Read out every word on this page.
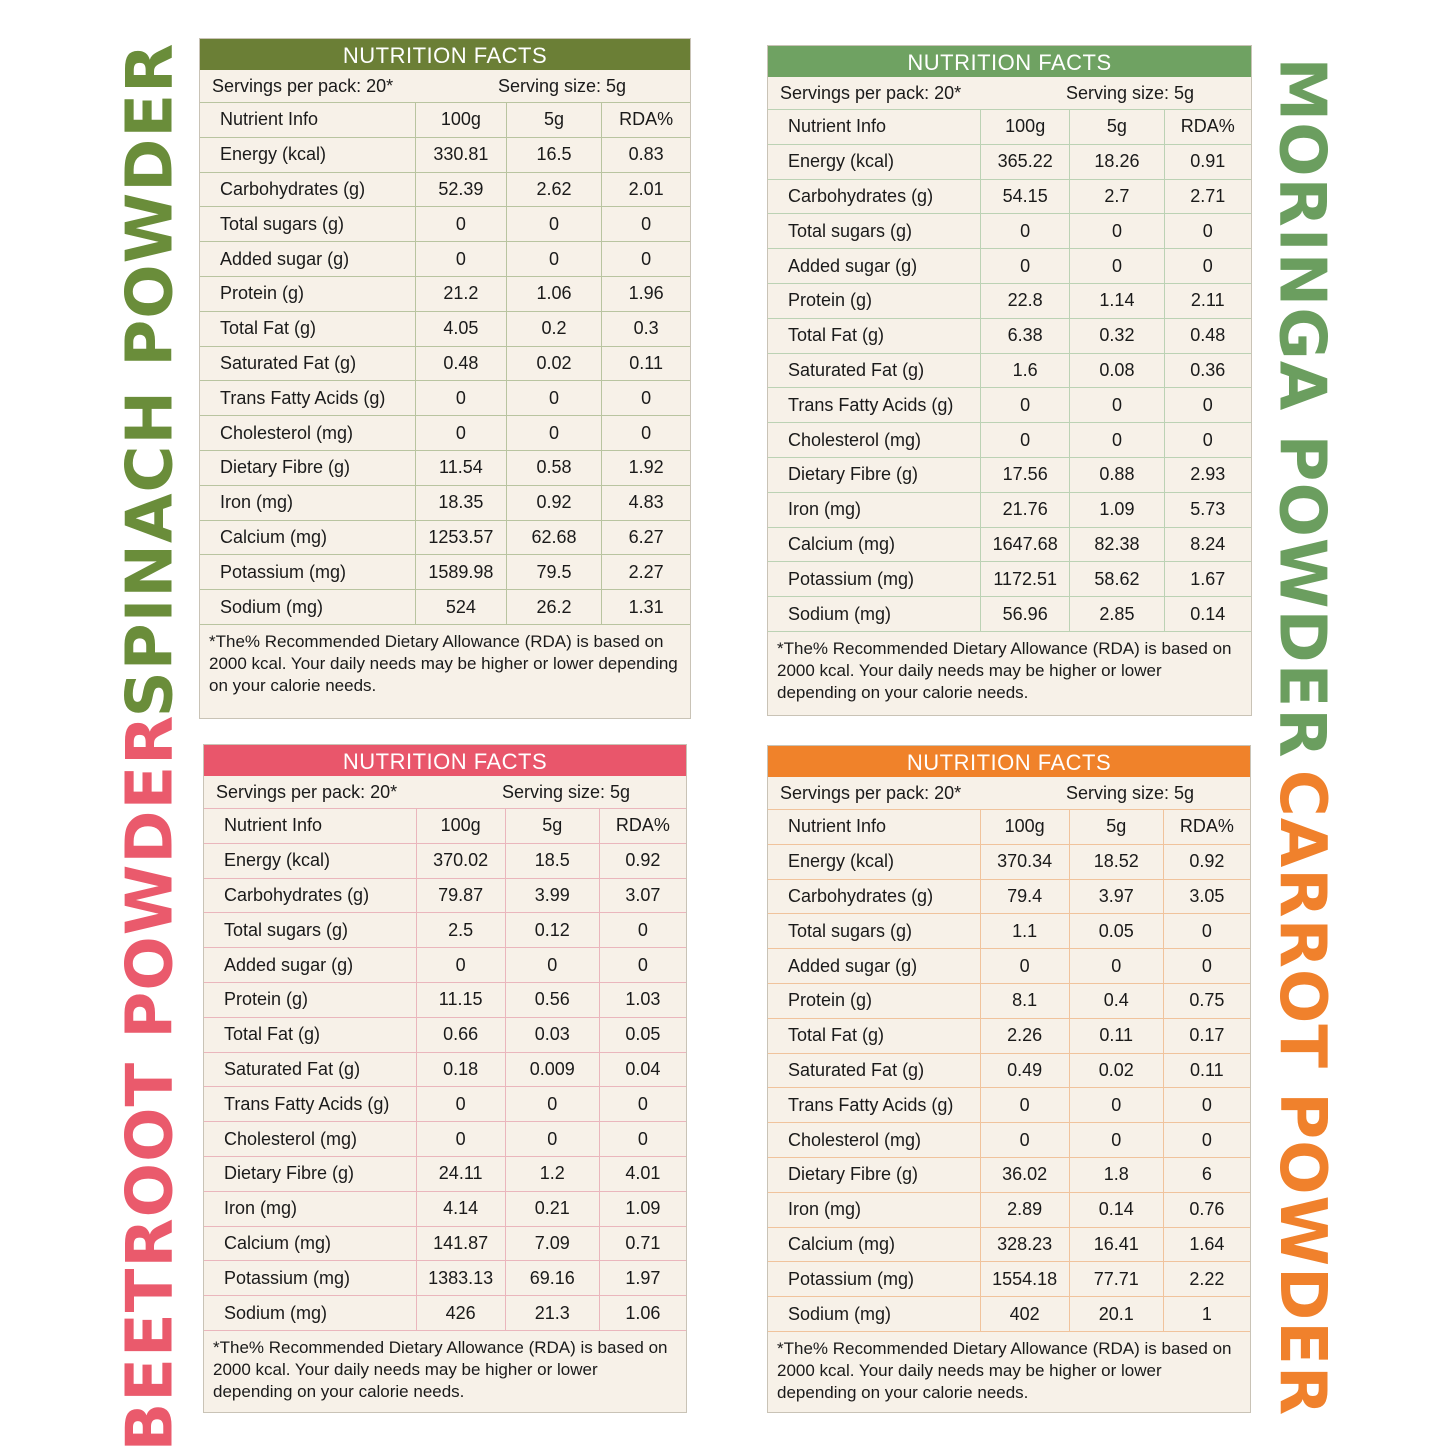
SPINACH POWDER	MORINGA POWDER
BEETROOT POWDER	CARROT POWDER
NUTRITION FACTS
Servings per pack: 20*	Serving size: 5g
Nutrient Info	100g	5g	RDA%
Energy (kcal)	330.81	16.5	0.83
Carbohydrates (g)	52.39	2.62	2.01
Total sugars (g)	0	0	0
Added sugar (g)	0	0	0
Protein (g)	21.2	1.06	1.96
Total Fat (g)	4.05	0.2	0.3
Saturated Fat (g)	0.48	0.02	0.11
Trans Fatty Acids (g)	0	0	0
Cholesterol (mg)	0	0	0
Dietary Fibre (g)	11.54	0.58	1.92
Iron (mg)	18.35	0.92	4.83
Calcium (mg)	1253.57	62.68	6.27
Potassium (mg)	1589.98	79.5	2.27
Sodium (mg)	524	26.2	1.31
*The% Recommended Dietary Allowance (RDA) is based on 2000 kcal. Your daily needs may be higher or lower depending on your calorie needs.
NUTRITION FACTS
Servings per pack: 20*	Serving size: 5g
Nutrient Info	100g	5g	RDA%
Energy (kcal)	365.22	18.26	0.91
Carbohydrates (g)	54.15	2.7	2.71
Total sugars (g)	0	0	0
Added sugar (g)	0	0	0
Protein (g)	22.8	1.14	2.11
Total Fat (g)	6.38	0.32	0.48
Saturated Fat (g)	1.6	0.08	0.36
Trans Fatty Acids (g)	0	0	0
Cholesterol (mg)	0	0	0
Dietary Fibre (g)	17.56	0.88	2.93
Iron (mg)	21.76	1.09	5.73
Calcium (mg)	1647.68	82.38	8.24
Potassium (mg)	1172.51	58.62	1.67
Sodium (mg)	56.96	2.85	0.14
*The% Recommended Dietary Allowance (RDA) is based on 2000 kcal. Your daily needs may be higher or lower depending on your calorie needs.
NUTRITION FACTS
Servings per pack: 20*	Serving size: 5g
Nutrient Info	100g	5g	RDA%
Energy (kcal)	370.02	18.5	0.92
Carbohydrates (g)	79.87	3.99	3.07
Total sugars (g)	2.5	0.12	0
Added sugar (g)	0	0	0
Protein (g)	11.15	0.56	1.03
Total Fat (g)	0.66	0.03	0.05
Saturated Fat (g)	0.18	0.009	0.04
Trans Fatty Acids (g)	0	0	0
Cholesterol (mg)	0	0	0
Dietary Fibre (g)	24.11	1.2	4.01
Iron (mg)	4.14	0.21	1.09
Calcium (mg)	141.87	7.09	0.71
Potassium (mg)	1383.13	69.16	1.97
Sodium (mg)	426	21.3	1.06
*The% Recommended Dietary Allowance (RDA) is based on 2000 kcal. Your daily needs may be higher or lower depending on your calorie needs.
NUTRITION FACTS
Servings per pack: 20*	Serving size: 5g
Nutrient Info	100g	5g	RDA%
Energy (kcal)	370.34	18.52	0.92
Carbohydrates (g)	79.4	3.97	3.05
Total sugars (g)	1.1	0.05	0
Added sugar (g)	0	0	0
Protein (g)	8.1	0.4	0.75
Total Fat (g)	2.26	0.11	0.17
Saturated Fat (g)	0.49	0.02	0.11
Trans Fatty Acids (g)	0	0	0
Cholesterol (mg)	0	0	0
Dietary Fibre (g)	36.02	1.8	6
Iron (mg)	2.89	0.14	0.76
Calcium (mg)	328.23	16.41	1.64
Potassium (mg)	1554.18	77.71	2.22
Sodium (mg)	402	20.1	1
*The% Recommended Dietary Allowance (RDA) is based on 2000 kcal. Your daily needs may be higher or lower depending on your calorie needs.
